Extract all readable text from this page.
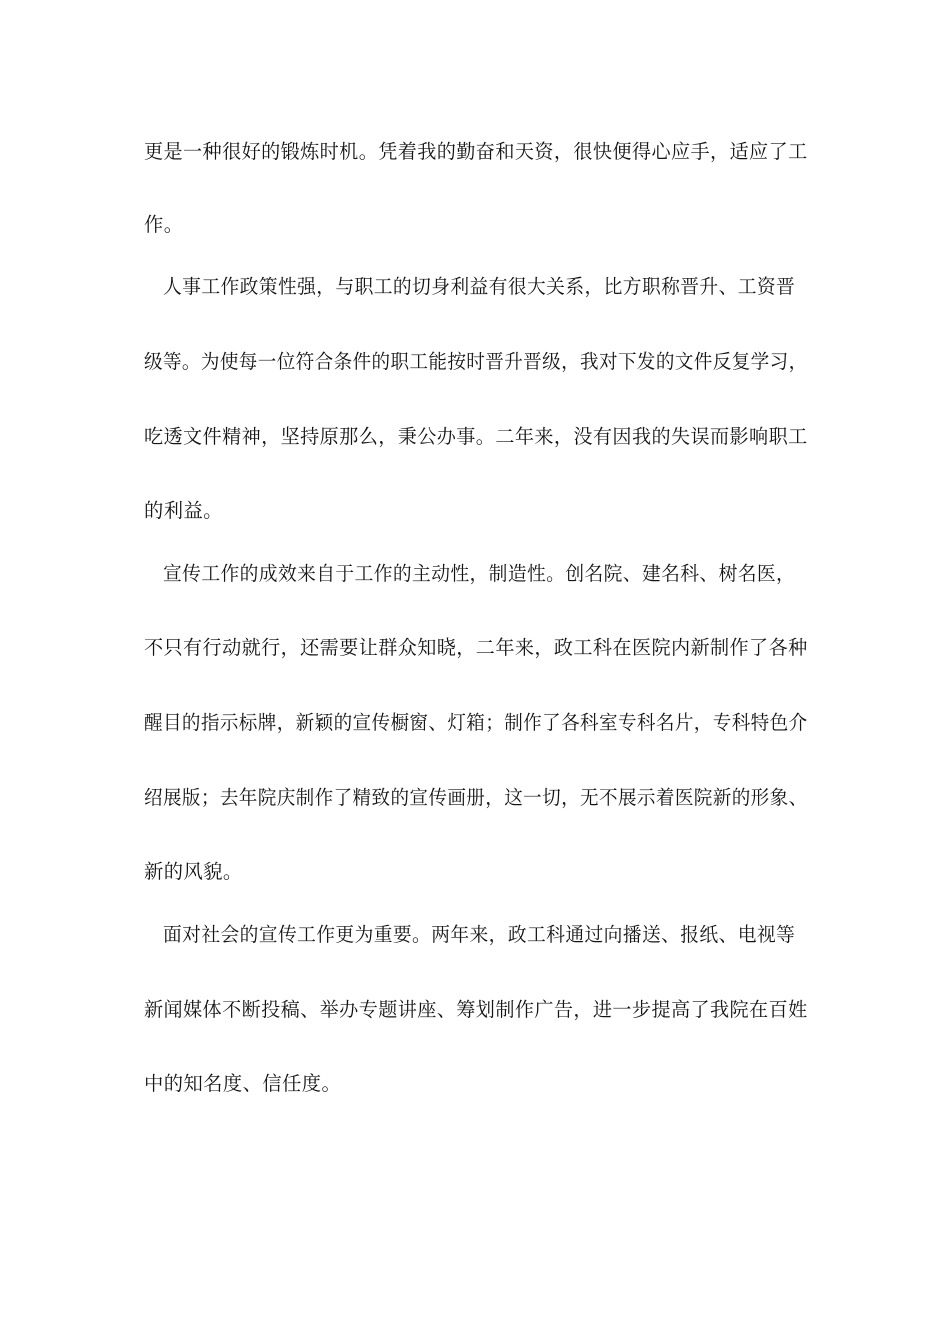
更是一种很好的锻炼时机。凭着我的勤奋和天资，很快便得心应手，适应了工

作。

人事工作政策性强，与职工的切身利益有很大关系，比方职称晋升、工资晋

级等。为使每一位符合条件的职工能按时晋升晋级，我对下发的文件反复学习，

吃透文件精神，坚持原那么，秉公办事。二年来，没有因我的失误而影响职工

的利益。

宣传工作的成效来自于工作的主动性，制造性。创名院、建名科、树名医，

不只有行动就行，还需要让群众知晓，二年来，政工科在医院内新制作了各种

醒目的指示标牌，新颖的宣传橱窗、灯箱；制作了各科室专科名片，专科特色介

绍展版；去年院庆制作了精致的宣传画册，这一切，无不展示着医院新的形象、

新的风貌。

面对社会的宣传工作更为重要。两年来，政工科通过向播送、报纸、电视等

新闻媒体不断投稿、举办专题讲座、筹划制作广告，进一步提高了我院在百姓

中的知名度、信任度。
